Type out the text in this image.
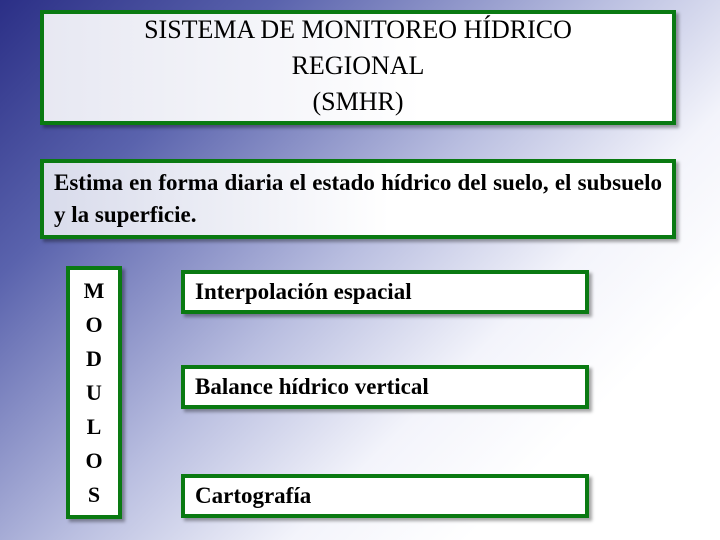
SISTEMA DE MONITOREO HÍDRICO
REGIONAL
(SMHR)
Estima en forma diaria el estado hídrico del suelo, el subsuelo y la superficie.
M
O
D
U
L
O
S
Interpolación espacial
Balance hídrico vertical
Cartografía
